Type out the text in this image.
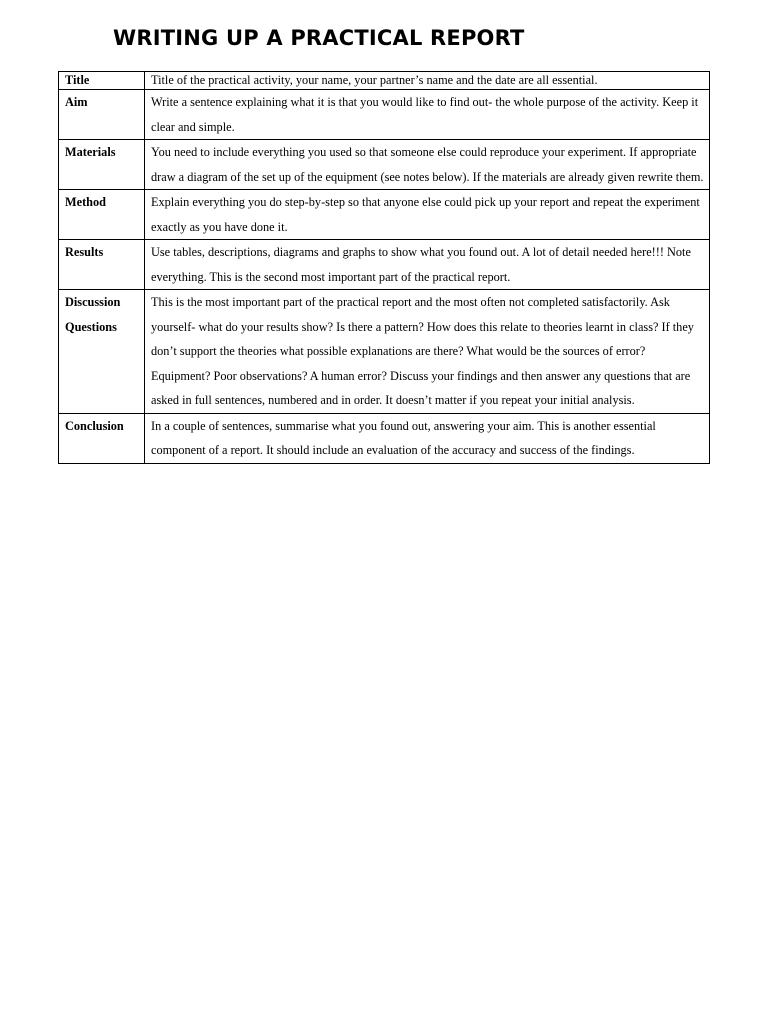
WRITING UP A PRACTICAL REPORT
Title	Title of the practical activity, your name, your partner’s name and the date are all essential.

Aim	Write a sentence explaining what it is that you would like to find out- the whole purpose of the activity. Keep it clear and simple.

Materials	You need to include everything you used so that someone else could reproduce your experiment. If appropriate draw a diagram of the set up of the equipment (see notes below). If the materials are already given rewrite them.

Method	Explain everything you do step-by-step so that anyone else could pick up your report and repeat the experiment exactly as you have done it.

Results	Use tables, descriptions, diagrams and graphs to show what you found out. A lot of detail needed here!!! Note everything. This is the second most important part of the practical report.

Discussion
Questions	This is the most important part of the practical report and the most often not completed satisfactorily. Ask yourself- what do your results show? Is there a pattern? How does this relate to theories learnt in class? If they don’t support the theories what possible explanations are there? What would be the sources of error? Equipment? Poor observations? A human error? Discuss your findings and then answer any questions that are asked in full sentences, numbered and in order. It doesn’t matter if you repeat your initial analysis.

Conclusion	In a couple of sentences, summarise what you found out, answering your aim. This is another essential component of a report. It should include an evaluation of the accuracy and success of the findings.
